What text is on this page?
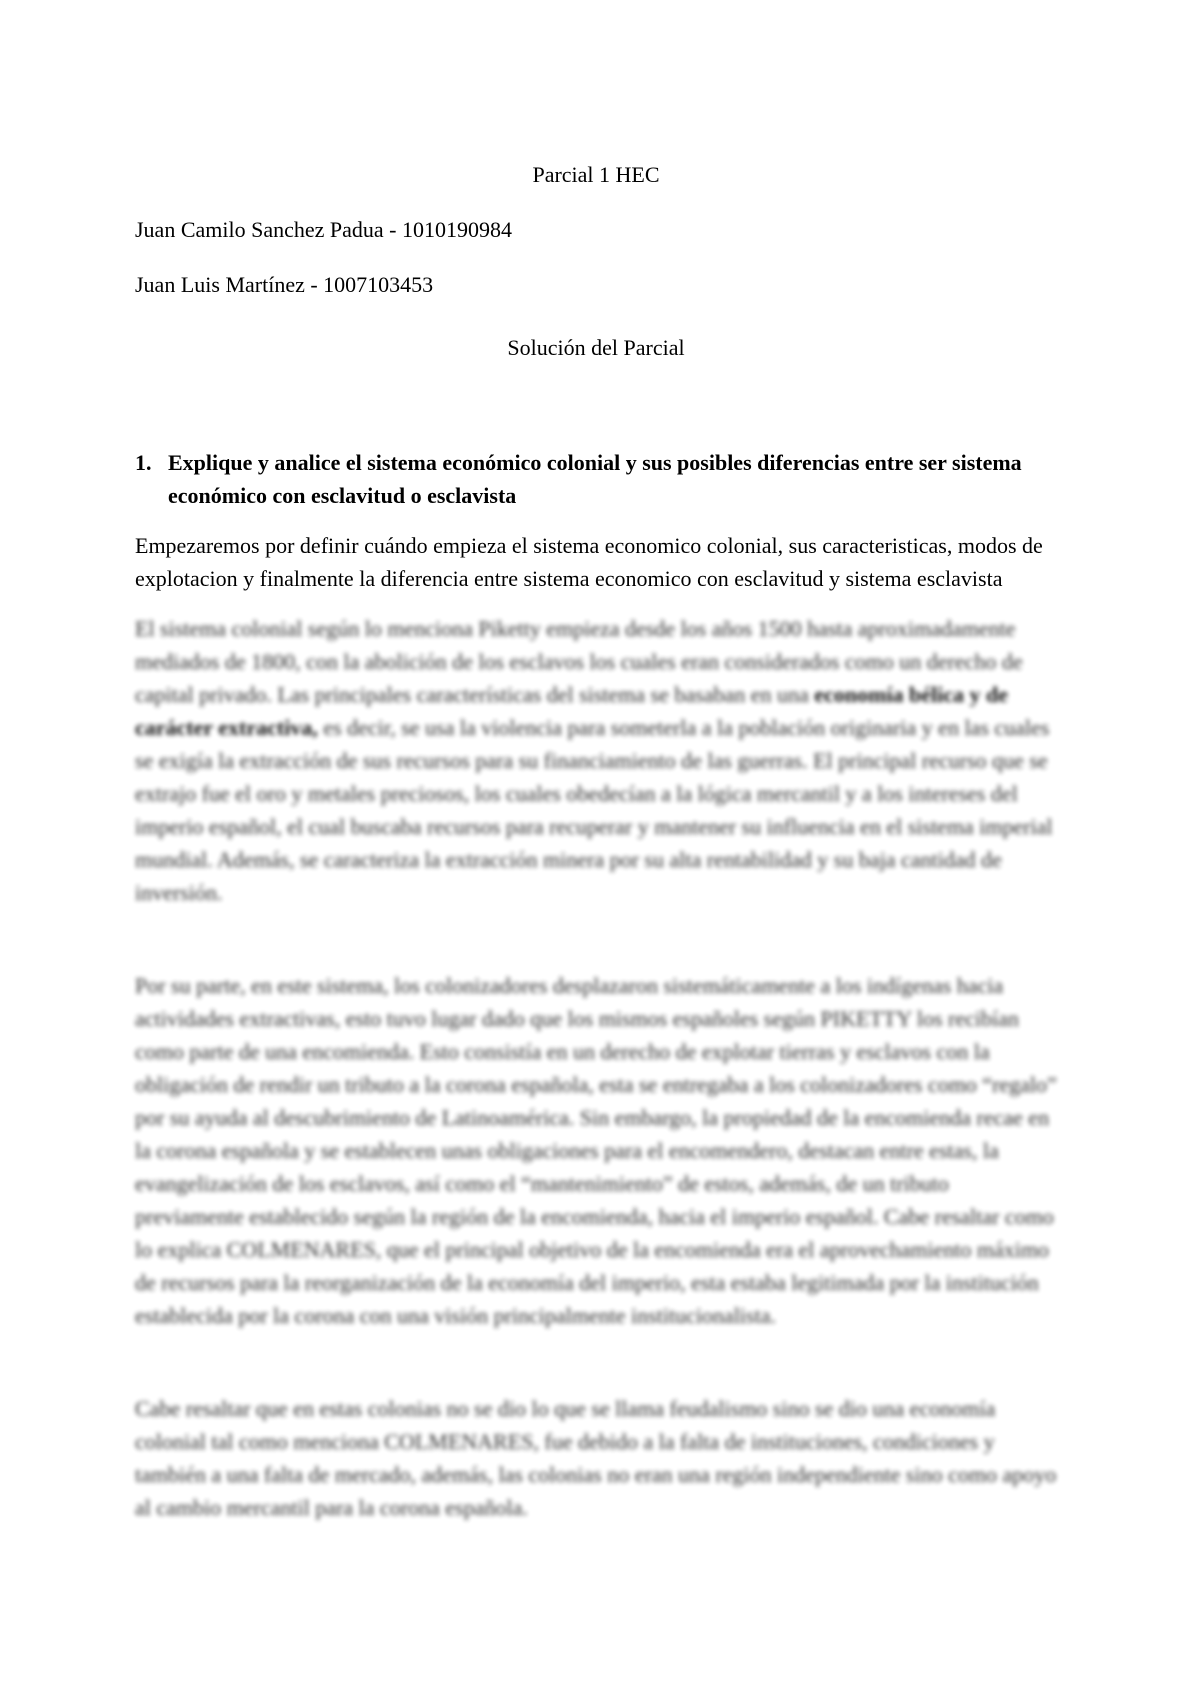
Parcial 1 HEC

Juan Camilo Sanchez Padua - 1010190984

Juan Luis Martínez - 1007103453

Solución del Parcial

1. Explique y analice el sistema económico colonial y sus posibles diferencias entre ser sistema económico con esclavitud o esclavista

Empezaremos por definir cuándo empieza el sistema economico colonial, sus caracteristicas, modos de explotacion y finalmente la diferencia entre sistema economico con esclavitud y sistema esclavista

El sistema colonial según lo menciona Piketty empieza desde los años 1500 hasta aproximadamente mediados de 1800, con la abolición de los esclavos los cuales eran considerados como un derecho de capital privado. Las principales características del sistema se basaban en una economía bélica y de carácter extractiva, es decir, se usa la violencia para someterla a la población originaria y en las cuales se exigía la extracción de sus recursos para su financiamiento de las guerras. El principal recurso que se extrajo fue el oro y metales preciosos, los cuales obedecían a la lógica mercantil y a los intereses del imperio español, el cual buscaba recursos para recuperar y mantener su influencia en el sistema imperial mundial. Además, se caracteriza la extracción minera por su alta rentabilidad y su baja cantidad de inversión.

Por su parte, en este sistema, los colonizadores desplazaron sistemáticamente a los indígenas hacia actividades extractivas, esto tuvo lugar dado que los mismos españoles según PIKETTY los recibían como parte de una encomienda. Esto consistía en un derecho de explotar tierras y esclavos con la obligación de rendir un tributo a la corona española, esta se entregaba a los colonizadores como “regalo” por su ayuda al descubrimiento de Latinoamérica. Sin embargo, la propiedad de la encomienda recae en la corona española y se establecen unas obligaciones para el encomendero, destacan entre estas, la evangelización de los esclavos, así como el “mantenimiento” de estos, además, de un tributo previamente establecido según la región de la encomienda, hacia el imperio español. Cabe resaltar como lo explica COLMENARES, que el principal objetivo de la encomienda era el aprovechamiento máximo de recursos para la reorganización de la economía del imperio, esta estaba legitimada por la institución establecida por la corona con una visión principalmente institucionalista.

Cabe resaltar que en estas colonias no se dio lo que se llama feudalismo sino se dio una economía colonial tal como menciona COLMENARES, fue debido a la falta de instituciones, condiciones y también a una falta de mercado, además, las colonias no eran una región independiente sino como apoyo al cambio mercantil para la corona española.
